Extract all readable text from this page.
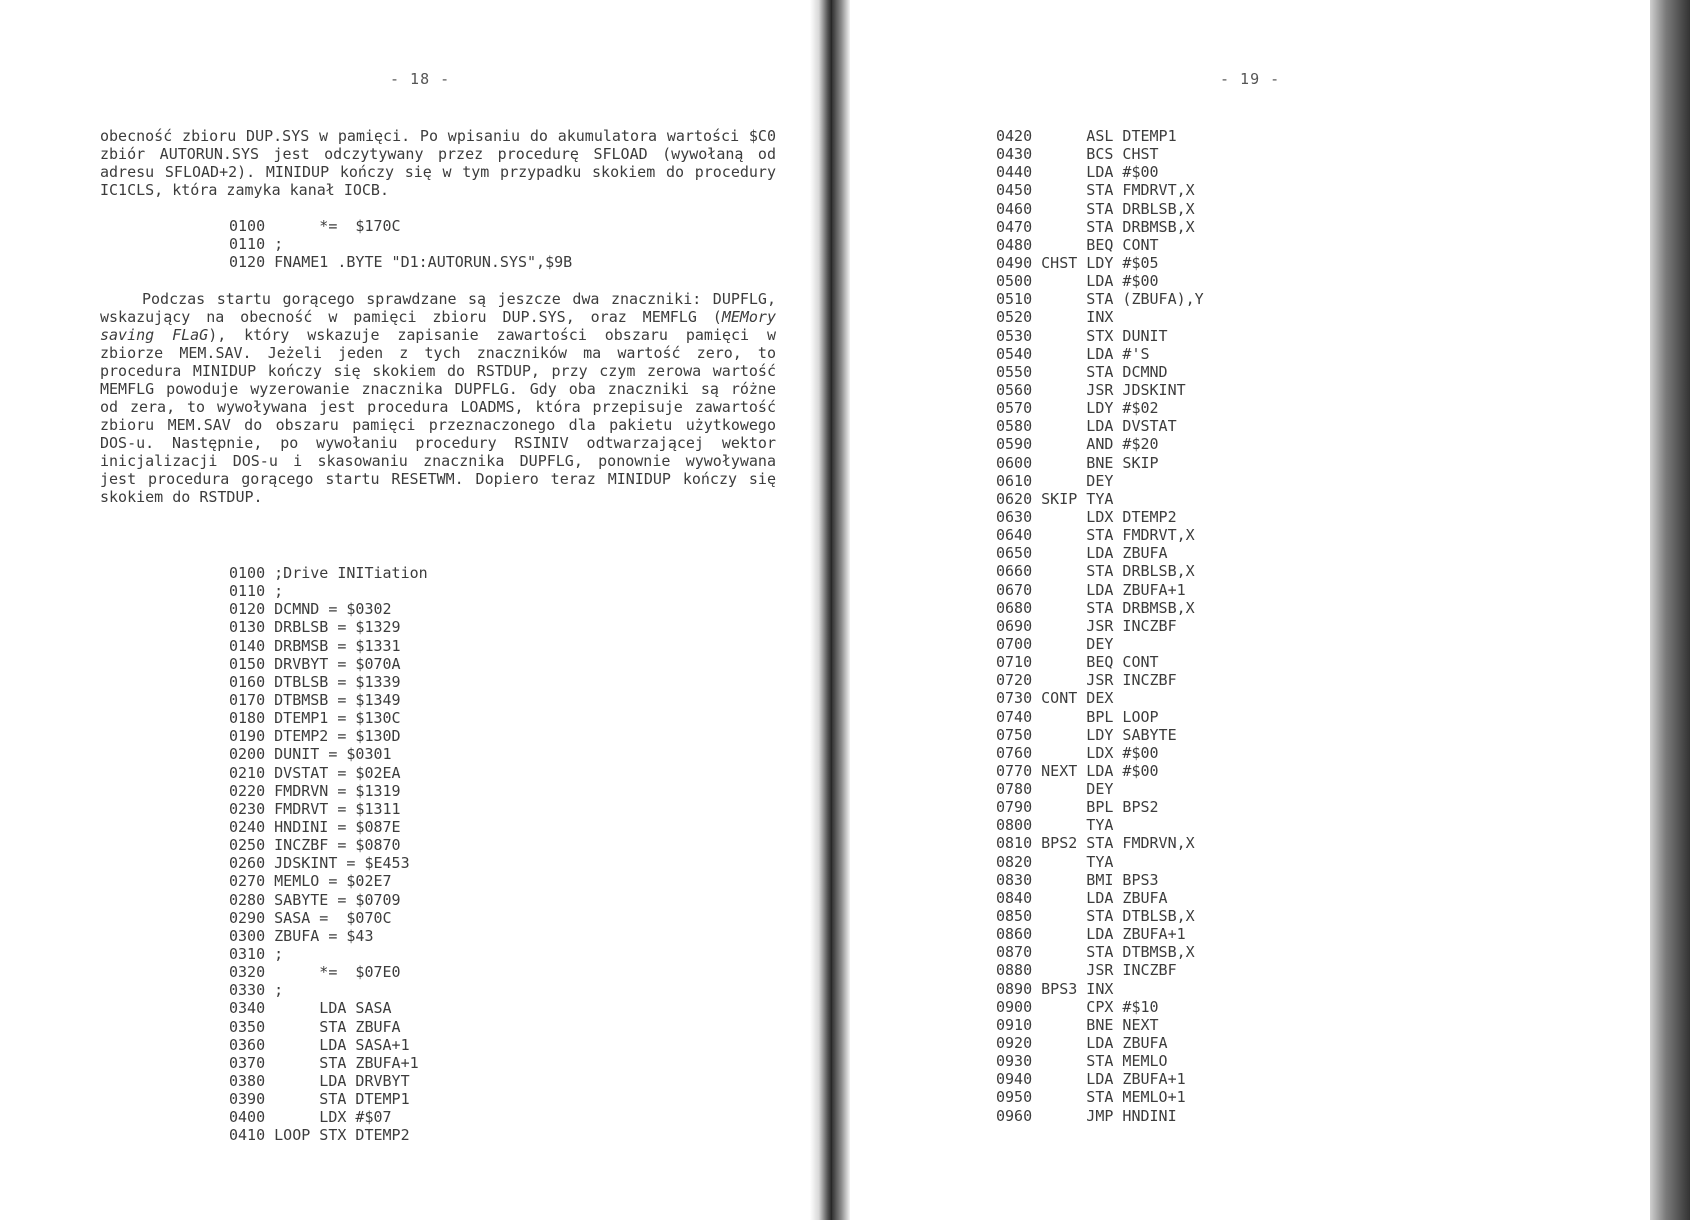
- 18 -

obecność zbioru DUP.SYS w pamięci. Po wpisaniu do akumulatora wartości $C0 zbiór AUTORUN.SYS jest odczytywany przez procedurę SFLOAD (wywołaną od adresu SFLOAD+2). MINIDUP kończy się w tym przypadku skokiem do procedury IC1CLS, która zamyka kanał IOCB.

0100      *=  $170C
0110 ;
0120 FNAME1 .BYTE "D1:AUTORUN.SYS",$9B

Podczas startu gorącego sprawdzane są jeszcze dwa znaczniki: DUPFLG, wskazujący na obecność w pamięci zbioru DUP.SYS, oraz MEMFLG (MEMory saving FLaG), który wskazuje zapisanie zawartości obszaru pamięci w zbiorze MEM.SAV. Jeżeli jeden z tych znaczników ma wartość zero, to procedura MINIDUP kończy się skokiem do RSTDUP, przy czym zerowa wartość MEMFLG powoduje wyzerowanie znacznika DUPFLG. Gdy oba znaczniki są różne od zera, to wywoływana jest procedura LOADMS, która przepisuje zawartość zbioru MEM.SAV do obszaru pamięci przeznaczonego dla pakietu użytkowego DOS-u. Następnie, po wywołaniu procedury RSINIV odtwarzającej wektor inicjalizacji DOS-u i skasowaniu znacznika DUPFLG, ponownie wywoływana jest procedura gorącego startu RESETWM. Dopiero teraz MINIDUP kończy się skokiem do RSTDUP.

0100 ;Drive INITiation
0110 ;
0120 DCMND = $0302
0130 DRBLSB = $1329
0140 DRBMSB = $1331
0150 DRVBYT = $070A
0160 DTBLSB = $1339
0170 DTBMSB = $1349
0180 DTEMP1 = $130C
0190 DTEMP2 = $130D
0200 DUNIT = $0301
0210 DVSTAT = $02EA
0220 FMDRVN = $1319
0230 FMDRVT = $1311
0240 HNDINI = $087E
0250 INCZBF = $0870
0260 JDSKINT = $E453
0270 MEMLO = $02E7
0280 SABYTE = $0709
0290 SASA =  $070C
0300 ZBUFA = $43
0310 ;
0320      *=  $07E0
0330 ;
0340      LDA SASA
0350      STA ZBUFA
0360      LDA SASA+1
0370      STA ZBUFA+1
0380      LDA DRVBYT
0390      STA DTEMP1
0400      LDX #$07
0410 LOOP STX DTEMP2
- 19 -
0420      ASL DTEMP1
0430      BCS CHST
0440      LDA #$00
0450      STA FMDRVT,X
0460      STA DRBLSB,X
0470      STA DRBMSB,X
0480      BEQ CONT
0490 CHST LDY #$05
0500      LDA #$00
0510      STA (ZBUFA),Y
0520      INX
0530      STX DUNIT
0540      LDA #'S
0550      STA DCMND
0560      JSR JDSKINT
0570      LDY #$02
0580      LDA DVSTAT
0590      AND #$20
0600      BNE SKIP
0610      DEY
0620 SKIP TYA
0630      LDX DTEMP2
0640      STA FMDRVT,X
0650      LDA ZBUFA
0660      STA DRBLSB,X
0670      LDA ZBUFA+1
0680      STA DRBMSB,X
0690      JSR INCZBF
0700      DEY
0710      BEQ CONT
0720      JSR INCZBF
0730 CONT DEX
0740      BPL LOOP
0750      LDY SABYTE
0760      LDX #$00
0770 NEXT LDA #$00
0780      DEY
0790      BPL BPS2
0800      TYA
0810 BPS2 STA FMDRVN,X
0820      TYA
0830      BMI BPS3
0840      LDA ZBUFA
0850      STA DTBLSB,X
0860      LDA ZBUFA+1
0870      STA DTBMSB,X
0880      JSR INCZBF
0890 BPS3 INX
0900      CPX #$10
0910      BNE NEXT
0920      LDA ZBUFA
0930      STA MEMLO
0940      LDA ZBUFA+1
0950      STA MEMLO+1
0960      JMP HNDINI
